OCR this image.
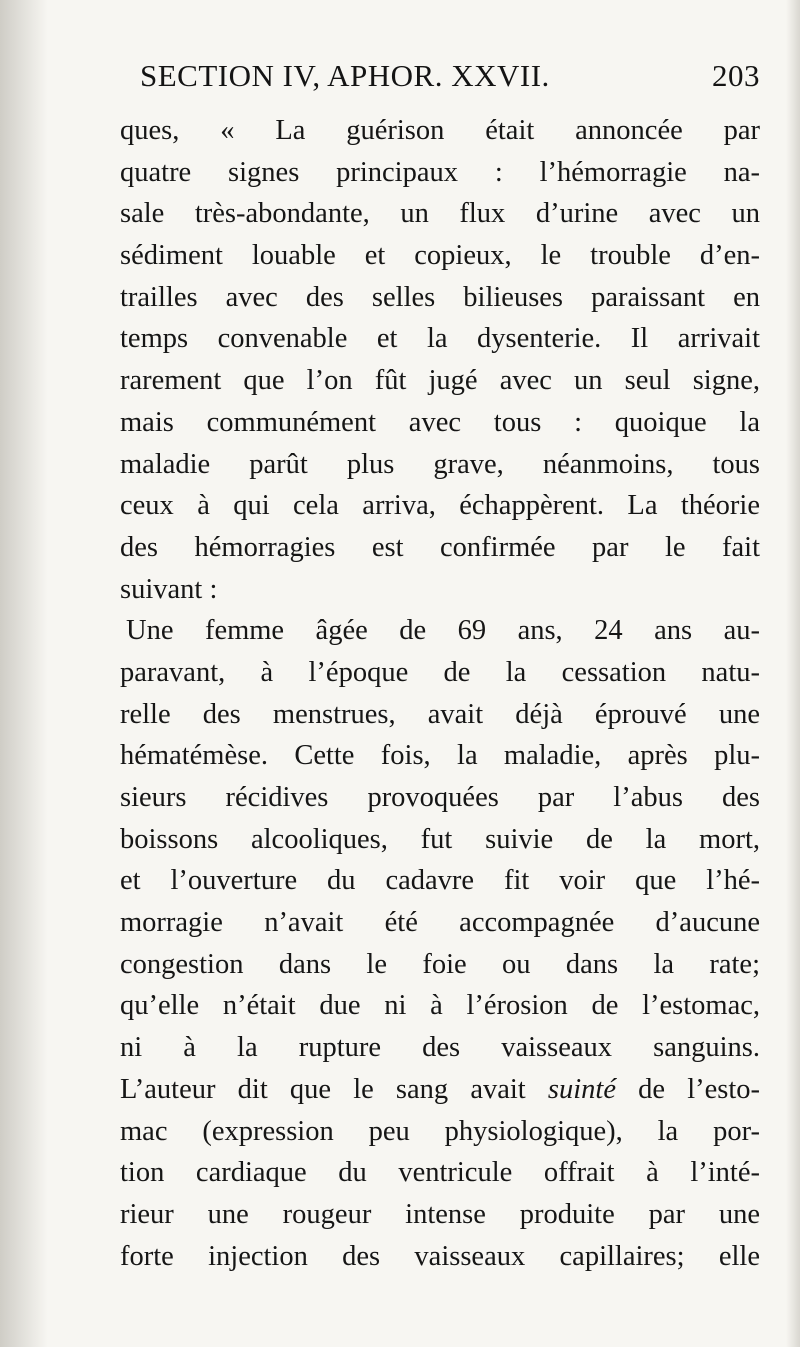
SECTION IV, APHOR. XXVII.	203
ques, « La guérison était annoncée par
quatre signes principaux : l’hémorragie na-
sale très-abondante, un flux d’urine avec un
sédiment louable et copieux, le trouble d’en-
trailles avec des selles bilieuses paraissant en
temps convenable et la dysenterie. Il arrivait
rarement que l’on fût jugé avec un seul signe,
mais communément avec tous : quoique la
maladie parût plus grave, néanmoins, tous
ceux à qui cela arriva, échappèrent. La théorie
des hémorragies est confirmée par le fait
suivant :
Une femme âgée de 69 ans, 24 ans au-
paravant, à l’époque de la cessation natu-
relle des menstrues, avait déjà éprouvé une
hématémèse. Cette fois, la maladie, après plu-
sieurs récidives provoquées par l’abus des
boissons alcooliques, fut suivie de la mort,
et l’ouverture du cadavre fit voir que l’hé-
morragie n’avait été accompagnée d’aucune
congestion dans le foie ou dans la rate;
qu’elle n’était due ni à l’érosion de l’estomac,
ni à la rupture des vaisseaux sanguins.
L’auteur dit que le sang avait suinté de l’esto-
mac (expression peu physiologique), la por-
tion cardiaque du ventricule offrait à l’inté-
rieur une rougeur intense produite par une
forte injection des vaisseaux capillaires; elle
